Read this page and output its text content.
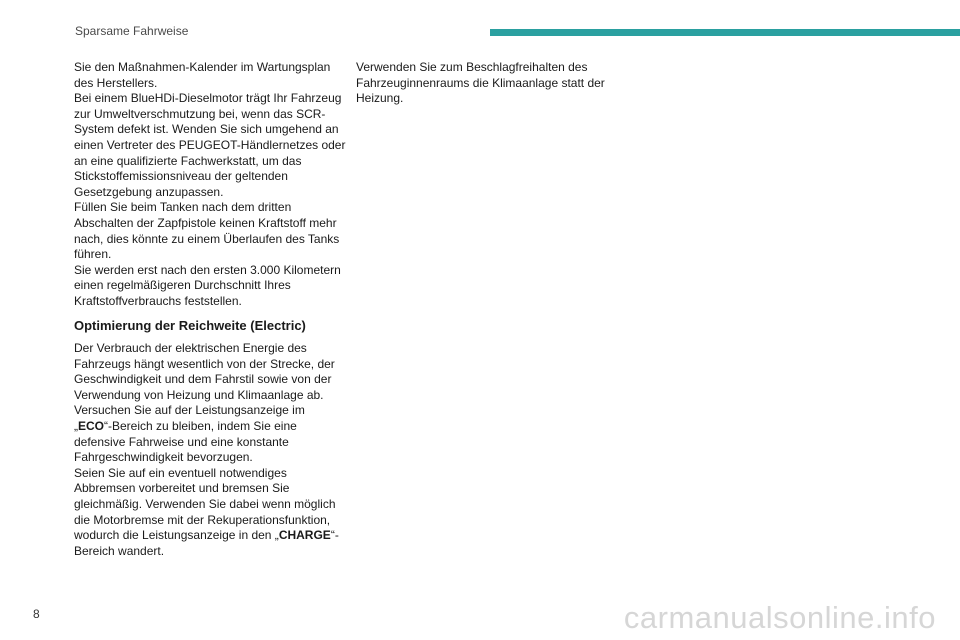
Sparsame Fahrweise

Sie den Maßnahmen-Kalender im Wartungsplan des Herstellers.

Bei einem BlueHDi-Dieselmotor trägt Ihr Fahrzeug zur Umweltverschmutzung bei, wenn das SCR-System defekt ist. Wenden Sie sich umgehend an einen Vertreter des PEUGEOT-Händlernetzes oder an eine qualifizierte Fachwerkstatt, um das Stickstoffemissionsniveau der geltenden Gesetzgebung anzupassen.

Füllen Sie beim Tanken nach dem dritten Abschalten der Zapfpistole keinen Kraftstoff mehr nach, dies könnte zu einem Überlaufen des Tanks führen.

Sie werden erst nach den ersten 3.000 Kilometern einen regelmäßigeren Durchschnitt Ihres Kraftstoffverbrauchs feststellen.

Optimierung der Reichweite (Electric)

Der Verbrauch der elektrischen Energie des Fahrzeugs hängt wesentlich von der Strecke, der Geschwindigkeit und dem Fahrstil sowie von der Verwendung von Heizung und Klimaanlage ab.

Versuchen Sie auf der Leistungsanzeige im „ECO“-Bereich zu bleiben, indem Sie eine defensive Fahrweise und eine konstante Fahrgeschwindigkeit bevorzugen.

Seien Sie auf ein eventuell notwendiges Abbremsen vorbereitet und bremsen Sie gleichmäßig. Verwenden Sie dabei wenn möglich die Motorbremse mit der Rekuperationsfunktion, wodurch die Leistungsanzeige in den „CHARGE“-Bereich wandert.

Verwenden Sie zum Beschlagfreihalten des Fahrzeuginnenraums die Klimaanlage statt der Heizung.

8	carmanualsonline.info
